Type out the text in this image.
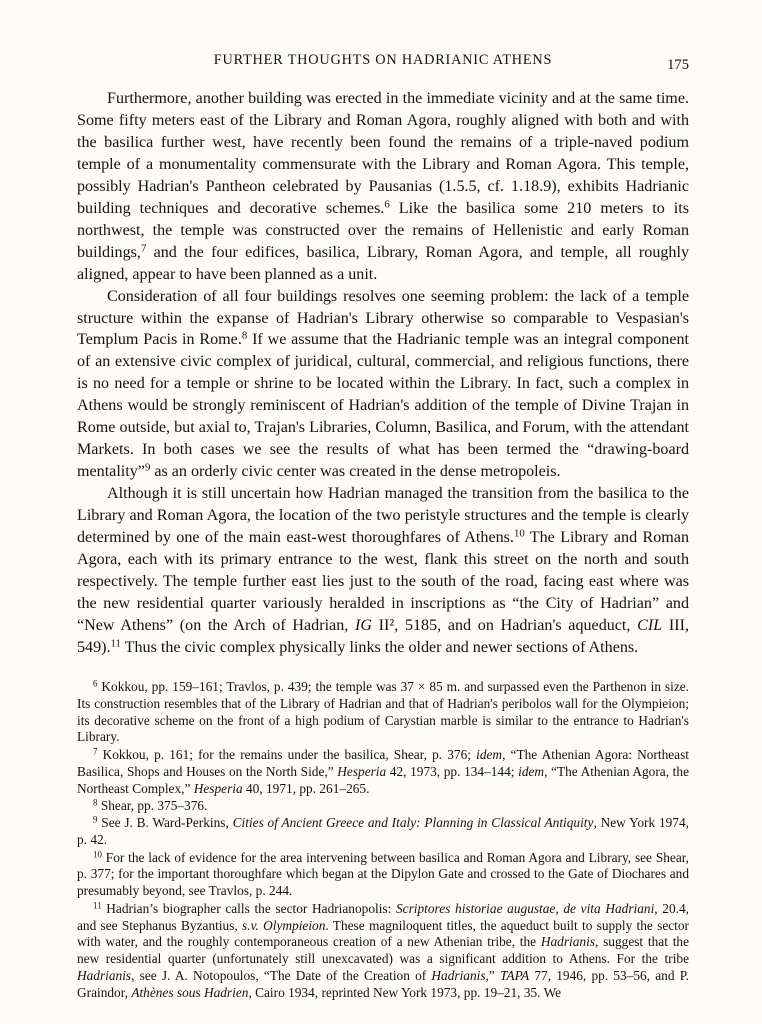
FURTHER THOUGHTS ON HADRIANIC ATHENS	175

Furthermore, another building was erected in the immediate vicinity and at the same time. Some fifty meters east of the Library and Roman Agora, roughly aligned with both and with the basilica further west, have recently been found the remains of a triple-naved podium temple of a monumentality commensurate with the Library and Roman Agora. This temple, possibly Hadrian's Pantheon celebrated by Pausanias (1.5.5, cf. 1.18.9), exhibits Hadrianic building techniques and decorative schemes.$^6$ Like the basilica some 210 meters to its northwest, the temple was constructed over the remains of Hellenistic and early Roman buildings,$^7$ and the four edifices, basilica, Library, Roman Agora, and temple, all roughly aligned, appear to have been planned as a unit.

Consideration of all four buildings resolves one seeming problem: the lack of a temple structure within the expanse of Hadrian's Library otherwise so comparable to Vespasian's Templum Pacis in Rome.$^8$ If we assume that the Hadrianic temple was an integral component of an extensive civic complex of juridical, cultural, commercial, and religious functions, there is no need for a temple or shrine to be located within the Library. In fact, such a complex in Athens would be strongly reminiscent of Hadrian's addition of the temple of Divine Trajan in Rome outside, but axial to, Trajan's Libraries, Column, Basilica, and Forum, with the attendant Markets. In both cases we see the results of what has been termed the “drawing-board mentality”$^9$ as an orderly civic center was created in the dense metropoleis.

Although it is still uncertain how Hadrian managed the transition from the basilica to the Library and Roman Agora, the location of the two peristyle structures and the temple is clearly determined by one of the main east-west thoroughfares of Athens.$^{10}$ The Library and Roman Agora, each with its primary entrance to the west, flank this street on the north and south respectively. The temple further east lies just to the south of the road, facing east where was the new residential quarter variously heralded in inscriptions as “the City of Hadrian” and “New Athens” (on the Arch of Hadrian, IG II², 5185, and on Hadrian's aqueduct, CIL III, 549).$^{11}$ Thus the civic complex physically links the older and newer sections of Athens.

$^6$ Kokkou, pp. 159–161; Travlos, p. 439; the temple was 37 × 85 m. and surpassed even the Parthenon in size. Its construction resembles that of the Library of Hadrian and that of Hadrian's peribolos wall for the Olympieion; its decorative scheme on the front of a high podium of Carystian marble is similar to the entrance to Hadrian's Library.

$^7$ Kokkou, p. 161; for the remains under the basilica, Shear, p. 376; idem, “The Athenian Agora: Northeast Basilica, Shops and Houses on the North Side,” Hesperia 42, 1973, pp. 134–144; idem, “The Athenian Agora, the Northeast Complex,” Hesperia 40, 1971, pp. 261–265.

$^8$ Shear, pp. 375–376.

$^9$ See J. B. Ward-Perkins, Cities of Ancient Greece and Italy: Planning in Classical Antiquity, New York 1974, p. 42.

$^{10}$ For the lack of evidence for the area intervening between basilica and Roman Agora and Library, see Shear, p. 377; for the important thoroughfare which began at the Dipylon Gate and crossed to the Gate of Diochares and presumably beyond, see Travlos, p. 244.

$^{11}$ Hadrian’s biographer calls the sector Hadrianopolis: Scriptores historiae augustae, de vita Hadriani, 20.4, and see Stephanus Byzantius, s.v. Olympieion. These magniloquent titles, the aqueduct built to supply the sector with water, and the roughly contemporaneous creation of a new Athenian tribe, the Hadrianis, suggest that the new residential quarter (unfortunately still unexcavated) was a significant addition to Athens. For the tribe Hadrianis, see J. A. Notopoulos, “The Date of the Creation of Hadrianis,” TAPA 77, 1946, pp. 53–56, and P. Graindor, Athènes sous Hadrien, Cairo 1934, reprinted New York 1973, pp. 19–21, 35. We
